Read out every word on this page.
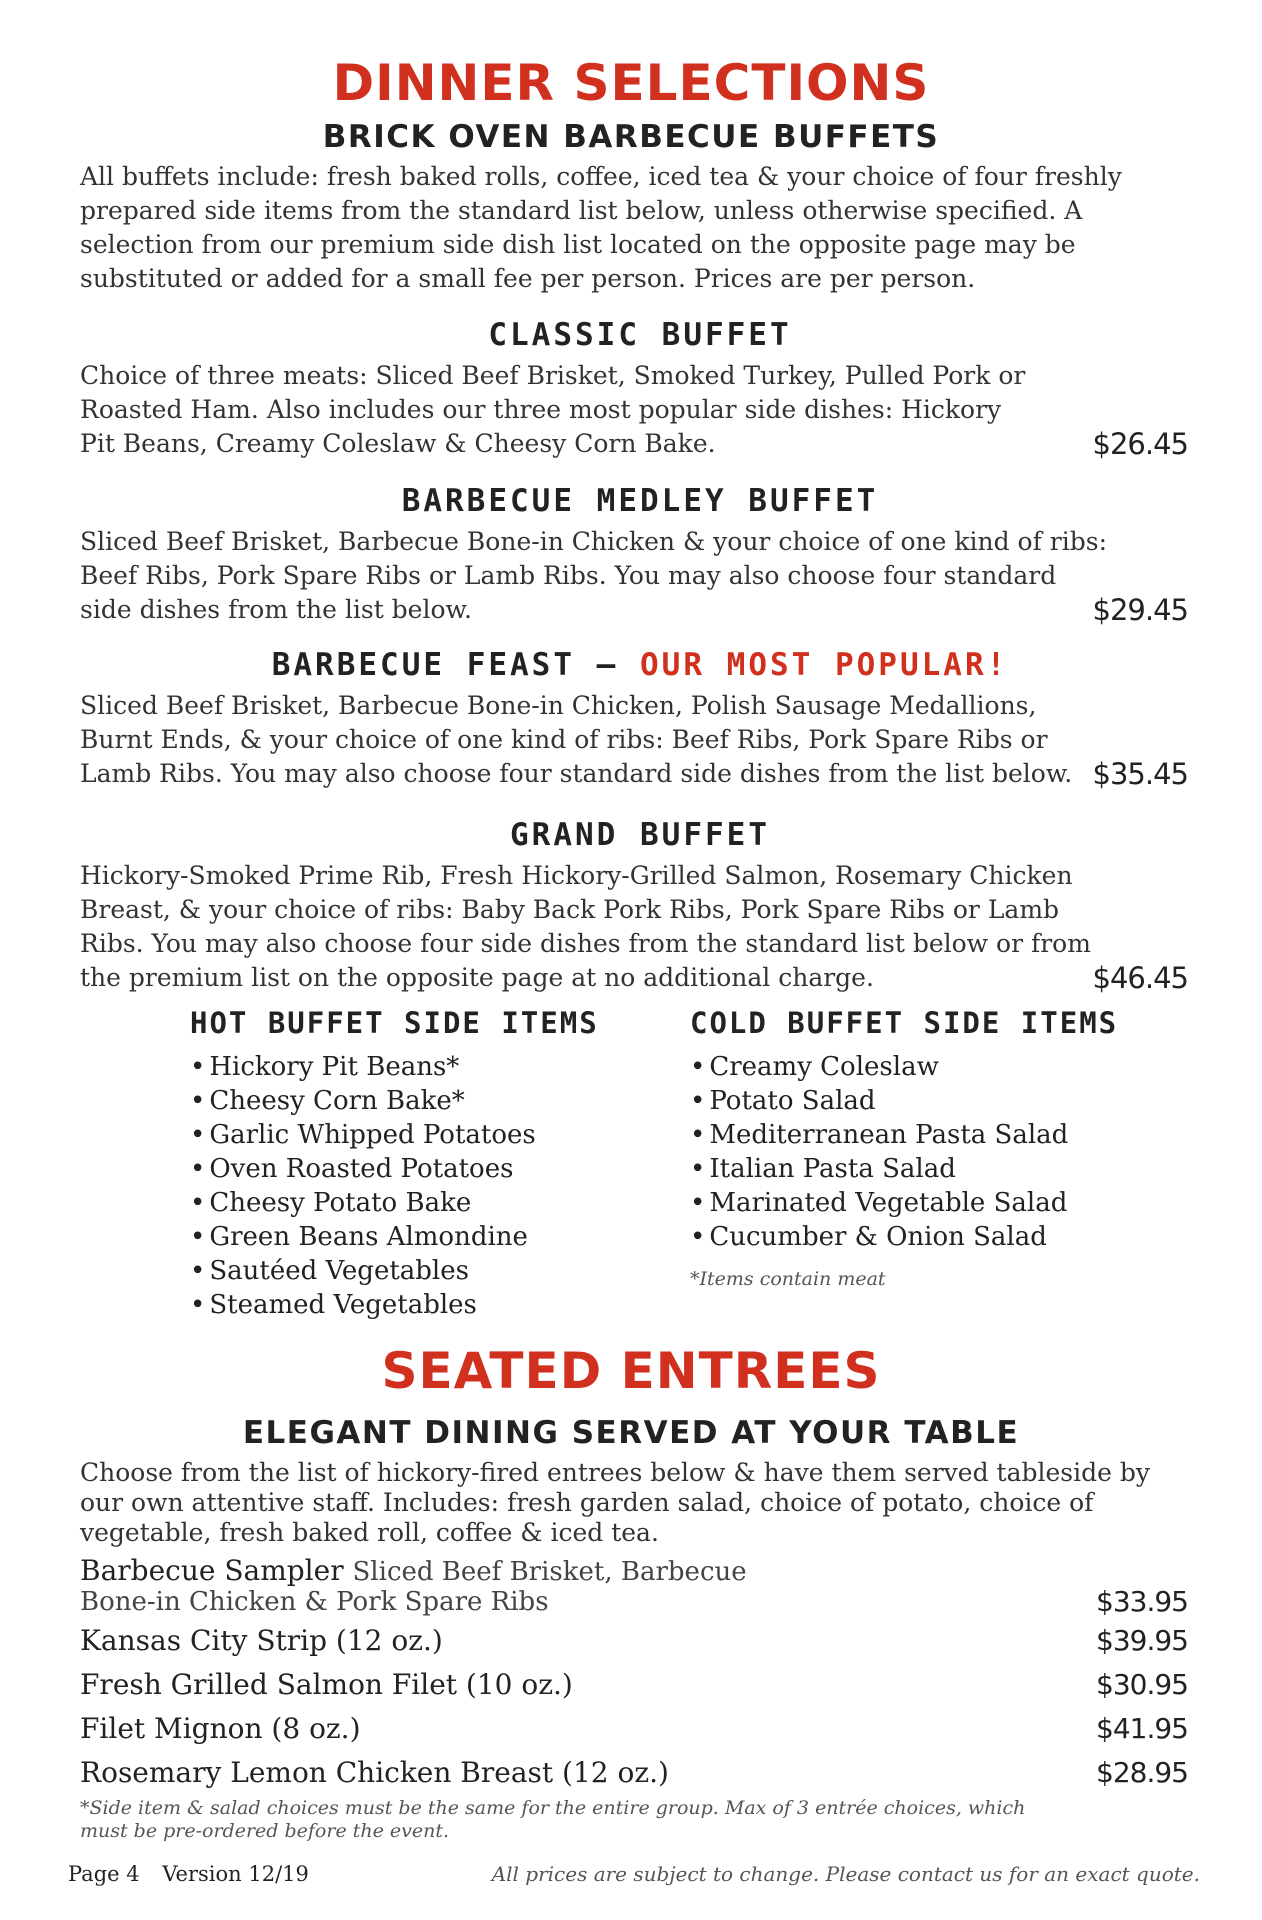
DINNER SELECTIONS
BRICK OVEN BARBECUE BUFFETS
All buffets include: fresh baked rolls, coffee, iced tea & your choice of four freshly prepared side items from the standard list below, unless otherwise specified. A selection from our premium side dish list located on the opposite page may be substituted or added for a small fee per person. Prices are per person.
CLASSIC BUFFET
Choice of three meats: Sliced Beef Brisket, Smoked Turkey, Pulled Pork or Roasted Ham. Also includes our three most popular side dishes: Hickory Pit Beans, Creamy Coleslaw & Cheesy Corn Bake.	$26.45
BARBECUE MEDLEY BUFFET
Sliced Beef Brisket, Barbecue Bone-in Chicken & your choice of one kind of ribs: Beef Ribs, Pork Spare Ribs or Lamb Ribs. You may also choose four standard side dishes from the list below.	$29.45
BARBECUE FEAST — OUR MOST POPULAR!
Sliced Beef Brisket, Barbecue Bone-in Chicken, Polish Sausage Medallions, Burnt Ends, & your choice of one kind of ribs: Beef Ribs, Pork Spare Ribs or Lamb Ribs. You may also choose four standard side dishes from the list below. $35.45
GRAND BUFFET
Hickory-Smoked Prime Rib, Fresh Hickory-Grilled Salmon, Rosemary Chicken Breast, & your choice of ribs: Baby Back Pork Ribs, Pork Spare Ribs or Lamb Ribs. You may also choose four side dishes from the standard list below or from the premium list on the opposite page at no additional charge.	$46.45
HOT BUFFET SIDE ITEMS
• Hickory Pit Beans*
• Cheesy Corn Bake*
• Garlic Whipped Potatoes
• Oven Roasted Potatoes
• Cheesy Potato Bake
• Green Beans Almondine
• Sautéed Vegetables
• Steamed Vegetables
COLD BUFFET SIDE ITEMS
• Creamy Coleslaw
• Potato Salad
• Mediterranean Pasta Salad
• Italian Pasta Salad
• Marinated Vegetable Salad
• Cucumber & Onion Salad
*Items contain meat
SEATED ENTREES
ELEGANT DINING SERVED AT YOUR TABLE
Choose from the list of hickory-fired entrees below & have them served tableside by our own attentive staff. Includes: fresh garden salad, choice of potato, choice of vegetable, fresh baked roll, coffee & iced tea.
Barbecue Sampler Sliced Beef Brisket, Barbecue
Bone-in Chicken & Pork Spare Ribs	$33.95
Kansas City Strip (12 oz.)	$39.95
Fresh Grilled Salmon Filet (10 oz.)	$30.95
Filet Mignon (8 oz.)	$41.95
Rosemary Lemon Chicken Breast (12 oz.)	$28.95
*Side item & salad choices must be the same for the entire group. Max of 3 entrée choices, which must be pre-ordered before the event.
Page 4 Version 12/19	All prices are subject to change. Please contact us for an exact quote.
